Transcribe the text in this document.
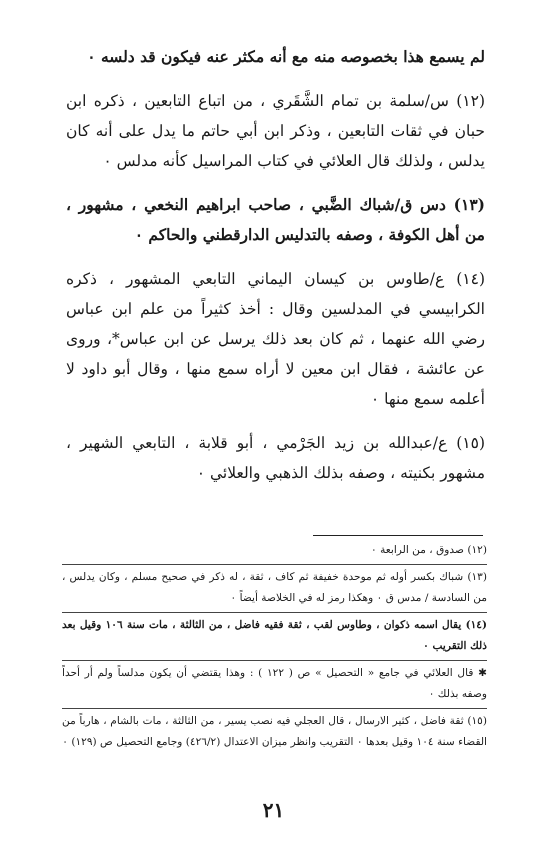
لم يسمع هذا بخصوصه منه مع أنه مكثر عنه فيكون قد دلسه ٠

(١٢) س/سلمة بن تمام الشَّقَري ، من اتباع التابعين ، ذكره ابن حبان في ثقات التابعين ، وذكر ابن أبي حاتم ما يدل على أنه كان يدلس ، ولذلك قال العلائي في كتاب المراسيل كأنه مدلس ٠

(١٣) دس ق/شباك الضَّبي ، صاحب ابراهيم النخعي ، مشهور ، من أهل الكوفة ، وصفه بالتدليس الدارقطني والحاكم ٠

(١٤) ع/طاوس بن كيسان اليماني التابعي المشهور ، ذكره الكرابيسي في المدلسين وقال : أخذ كثيراً من علم ابن عباس رضي الله عنهما ، ثم كان بعد ذلك يرسل عن ابن عباس*، وروى عن عائشة ، فقال ابن معين لا أراه سمع منها ، وقال أبو داود لا أعلمه سمع منها ٠

(١٥) ع/عبدالله بن زيد الجَرْمي ، أبو قلابة ، التابعي الشهير ، مشهور بكنيته ، وصفه بذلك الذهبي والعلائي ٠

(١٢) صدوق ، من الرابعة ٠

(١٣) شباك بكسر أوله ثم موحدة خفيفة ثم كاف ، ثقة ، له ذكر في صحيح مسلم ، وكان يدلس ، من السادسة / مدس ق ٠ وهكذا رمز له في الخلاصة أيضاً ٠

(١٤) يقال اسمه ذكوان ، وطاوس لقب ، ثقة فقيه فاضل ، من الثالثة ، مات سنة ١٠٦ وقيل بعد ذلك التقريب ٠

✱ قال العلائي في جامع « التحصيل » ص ( ١٢٢ ) : وهذا يقتضي أن يكون مدلساً ولم أر أحداً وصفه بذلك ٠

(١٥) ثقة فاضل ، كثير الارسال ، قال العجلي فيه نصب يسير ، من الثالثة ، مات بالشام ، هارباً من القضاء سنة ١٠٤ وقيل بعدها ٠ التقريب وانظر ميزان الاعتدال (٤٢٦/٢) وجامع التحصيل ص (١٢٩) ٠

٢١
